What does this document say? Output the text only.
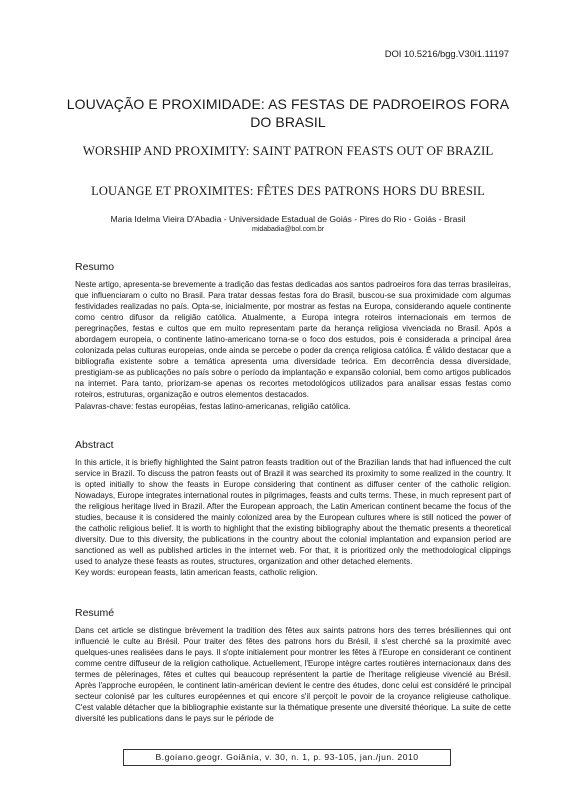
DOI 10.5216/bgg.V30i1.11197
LOUVAÇÃO E PROXIMIDADE: AS FESTAS DE PADROEIROS FORA DO BRASIL
WORSHIP AND PROXIMITY: SAINT PATRON FEASTS OUT OF BRAZIL
LOUANGE ET PROXIMITES: FÊTES DES PATRONS HORS DU BRESIL
Maria Idelma Vieira D'Abadia - Universidade Estadual de Goiás - Pires do Rio - Goiás - Brasil
midabadia@bol.com.br
Resumo

Neste artigo, apresenta-se brevemente a tradição das festas dedicadas aos santos padroeiros fora das terras brasileiras, que influenciaram o culto no Brasil. Para tratar dessas festas fora do Brasil, buscou-se sua proximidade com algumas festividades realizadas no país. Opta-se, inicialmente, por mostrar as festas na Europa, considerando aquele continente como centro difusor da religião católica. Atualmente, a Europa integra roteiros internacionais em termos de peregrinações, festas e cultos que em muito representam parte da herança religiosa vivenciada no Brasil. Após a abordagem europeia, o continente latino-americano torna-se o foco dos estudos, pois é considerada a principal área colonizada pelas culturas europeias, onde ainda se percebe o poder da crença religiosa católica. É válido destacar que a bibliografia existente sobre a temática apresenta uma diversidade teórica. Em decorrência dessa diversidade, prestigiam-se as publicações no país sobre o período da implantação e expansão colonial, bem como artigos publicados na internet. Para tanto, priorizam-se apenas os recortes metodológicos utilizados para analisar essas festas como roteiros, estruturas, organização e outros elementos destacados.

Palavras-chave: festas européias, festas latino-americanas, religião católica.

Abstract

In this article, it is briefly highlighted the Saint patron feasts tradition out of the Brazilian lands that had influenced the cult service in Brazil. To discuss the patron feasts out of Brazil it was searched its proximity to some realized in the country. It is opted initially to show the feasts in Europe considering that continent as diffuser center of the catholic religion. Nowadays, Europe integrates international routes in pilgrimages, feasts and cults terms. These, in much represent part of the religious heritage lived in Brazil. After the European approach, the Latin American continent became the focus of the studies, because it is considered the mainly colonized area by the European cultures where is still noticed the power of the catholic religious belief. It is worth to highlight that the existing bibliography about the thematic presents a theoretical diversity. Due to this diversity, the publications in the country about the colonial implantation and expansion period are sanctioned as well as published articles in the internet web. For that, it is prioritized only the methodological clippings used to analyze these feasts as routes, structures, organization and other detached elements.

Key words: european feasts, latin american feasts, catholic religion.

Resumé

Dans cet article se distingue brèvement la tradition des fêtes aux saints patrons hors des terres brésiliennes qui ont influencié le culte au Brésil. Pour traiter des fêtes des patrons hors du Brésil, il s'est cherché sa la proximité avec quelques-unes realisées dans le pays. Il s'opte initialement pour montrer les fêtes à l'Europe en considerant ce continent comme centre diffuseur de la religion catholique. Actuellement, l'Europe intègre cartes routières internacionaux dans des termes de pèlerinages, fêtes et cultes qui beaucoup représentent la partie de l'heritage religieuse vivencié au Brésil. Après l'approche européen, le continent latin-américan devient le centre des études, donc celui est considéré le principal secteur colonisé par les cultures européennes et qui encore s'il perçoit le povoir de la croyance religieuse catholique. C'est valable détacher que la bibliographie existante sur la thématique presente une diversité théorique. La suite de cette diversité les publications dans le pays sur le période de

B.goiano.geogr. Goiânia, v. 30, n. 1, p. 93-105, jan./jun. 2010
